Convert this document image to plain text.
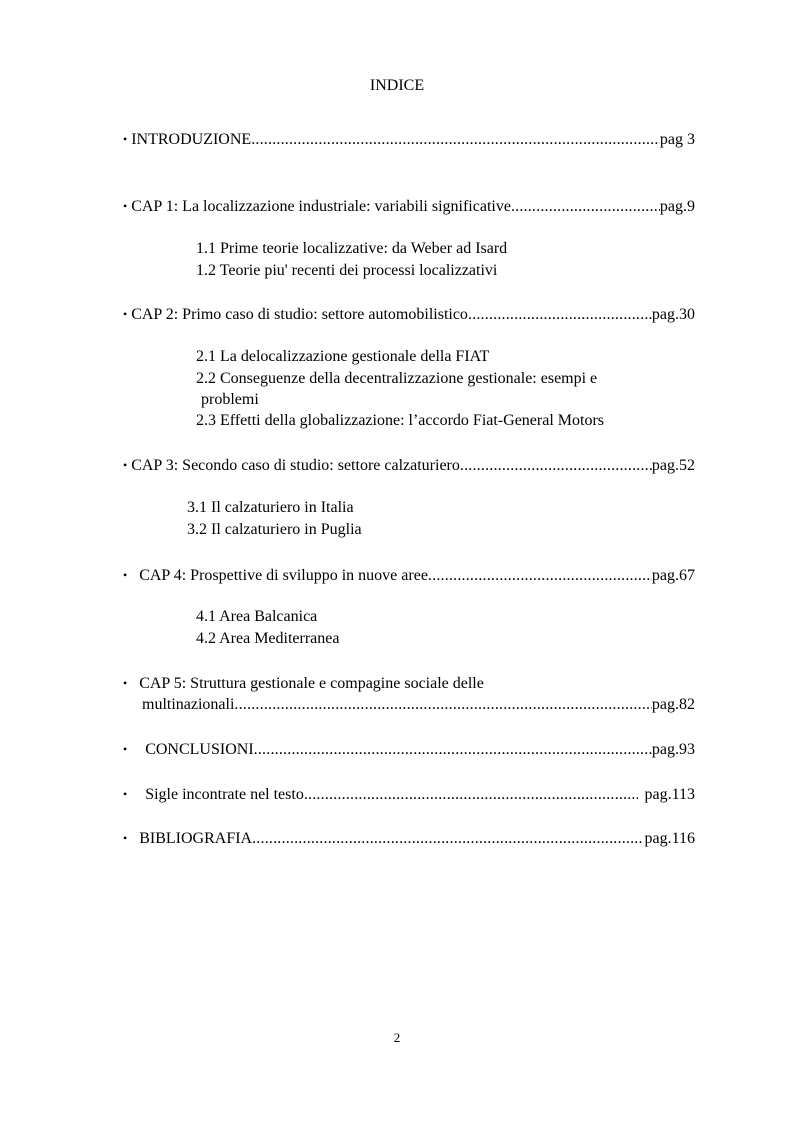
INDICE
• INTRODUZIONE .....	pag 3
• CAP 1: La localizzazione industriale: variabili significative .....	pag.9
1.1 Prime teorie localizzative: da Weber ad Isard
1.2 Teorie piu' recenti dei processi localizzativi
• CAP 2: Primo caso di studio: settore automobilistico .....	pag.30
2.1 La delocalizzazione gestionale della FIAT
2.2 Conseguenze della decentralizzazione gestionale: esempi e
problemi
2.3 Effetti della globalizzazione: l’accordo Fiat-General Motors
• CAP 3: Secondo caso di studio: settore calzaturiero .....	pag.52
3.1 Il calzaturiero in Italia
3.2 Il calzaturiero in Puglia
• CAP 4: Prospettive di sviluppo in nuove aree .....	pag.67
4.1 Area Balcanica
4.2 Area Mediterranea
• CAP 5: Struttura gestionale e compagine sociale delle
multinazionali .....	pag.82
• CONCLUSIONI .....	pag.93
• Sigle incontrate nel testo .....	pag.113
• BIBLIOGRAFIA .....	pag.116
2
